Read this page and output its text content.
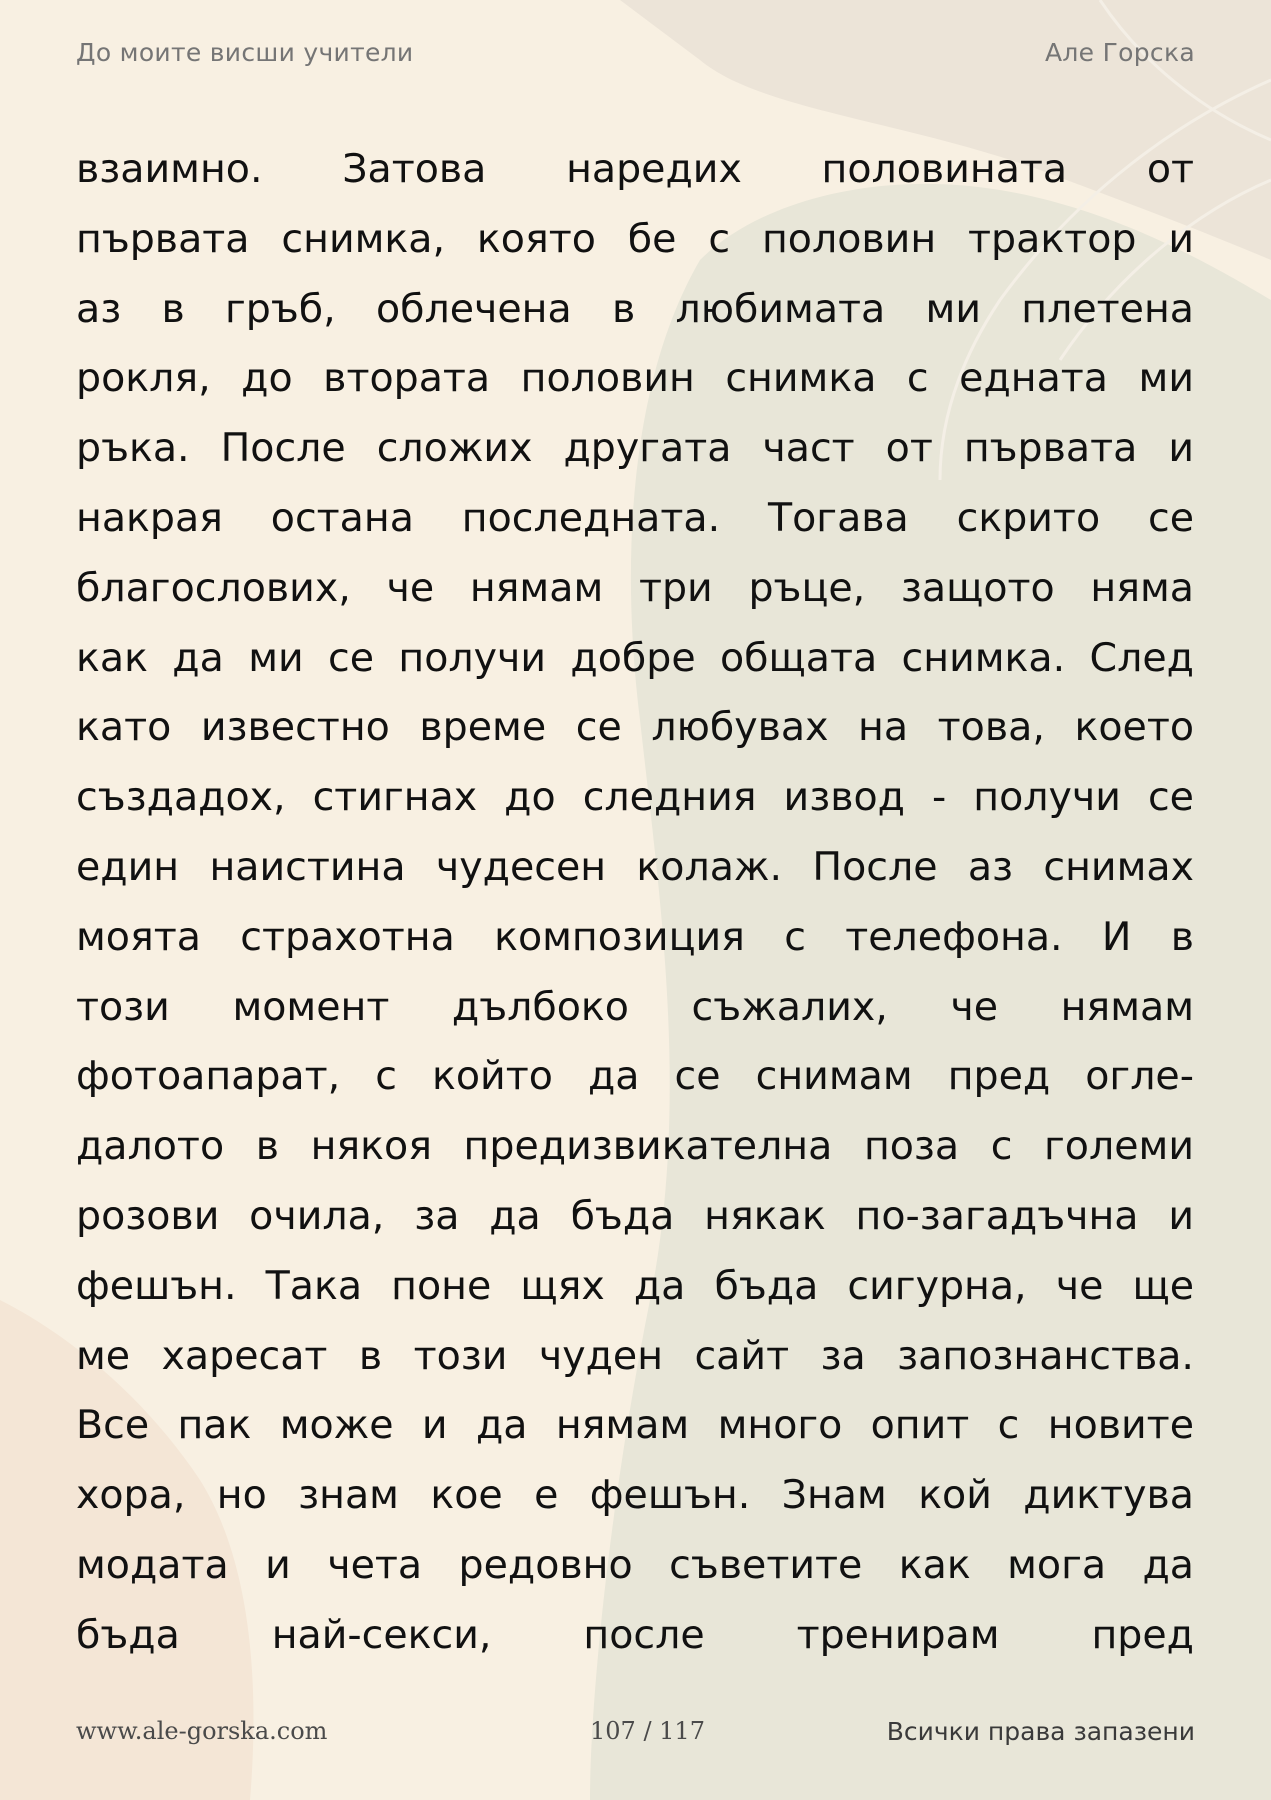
До моите висши учители	Але Горска
взаимно. Затова наредих половината от
първата снимка, която бе с половин трактор и
аз в гръб, облечена в любимата ми плетена
рокля, до втората половин снимка с едната ми
ръка. После сложих другата част от първата и
накрая остана последната. Тогава скрито се
благослових, че нямам три ръце, защото няма
как да ми се получи добре общата снимка. След
като известно време се любувах на това, което
създадох, стигнах до следния извод - получи се
един наистина чудесен колаж. После аз снимах
моята страхотна композиция с телефона. И в
този момент дълбоко съжалих, че нямам
фотоапарат, с който да се снимам пред огле-
далото в някоя предизвикателна поза с големи
розови очила, за да бъда някак по-загадъчна и
фешън. Така поне щях да бъда сигурна, че ще
ме харесат в този чуден сайт за запознанства.
Все пак може и да нямам много опит с новите
хора, но знам кое е фешън. Знам кой диктува
модата и чета редовно съветите как мога да
бъда най-секси, после тренирам пред
www.ale-gorska.com	107 / 117	Всички права запазени
